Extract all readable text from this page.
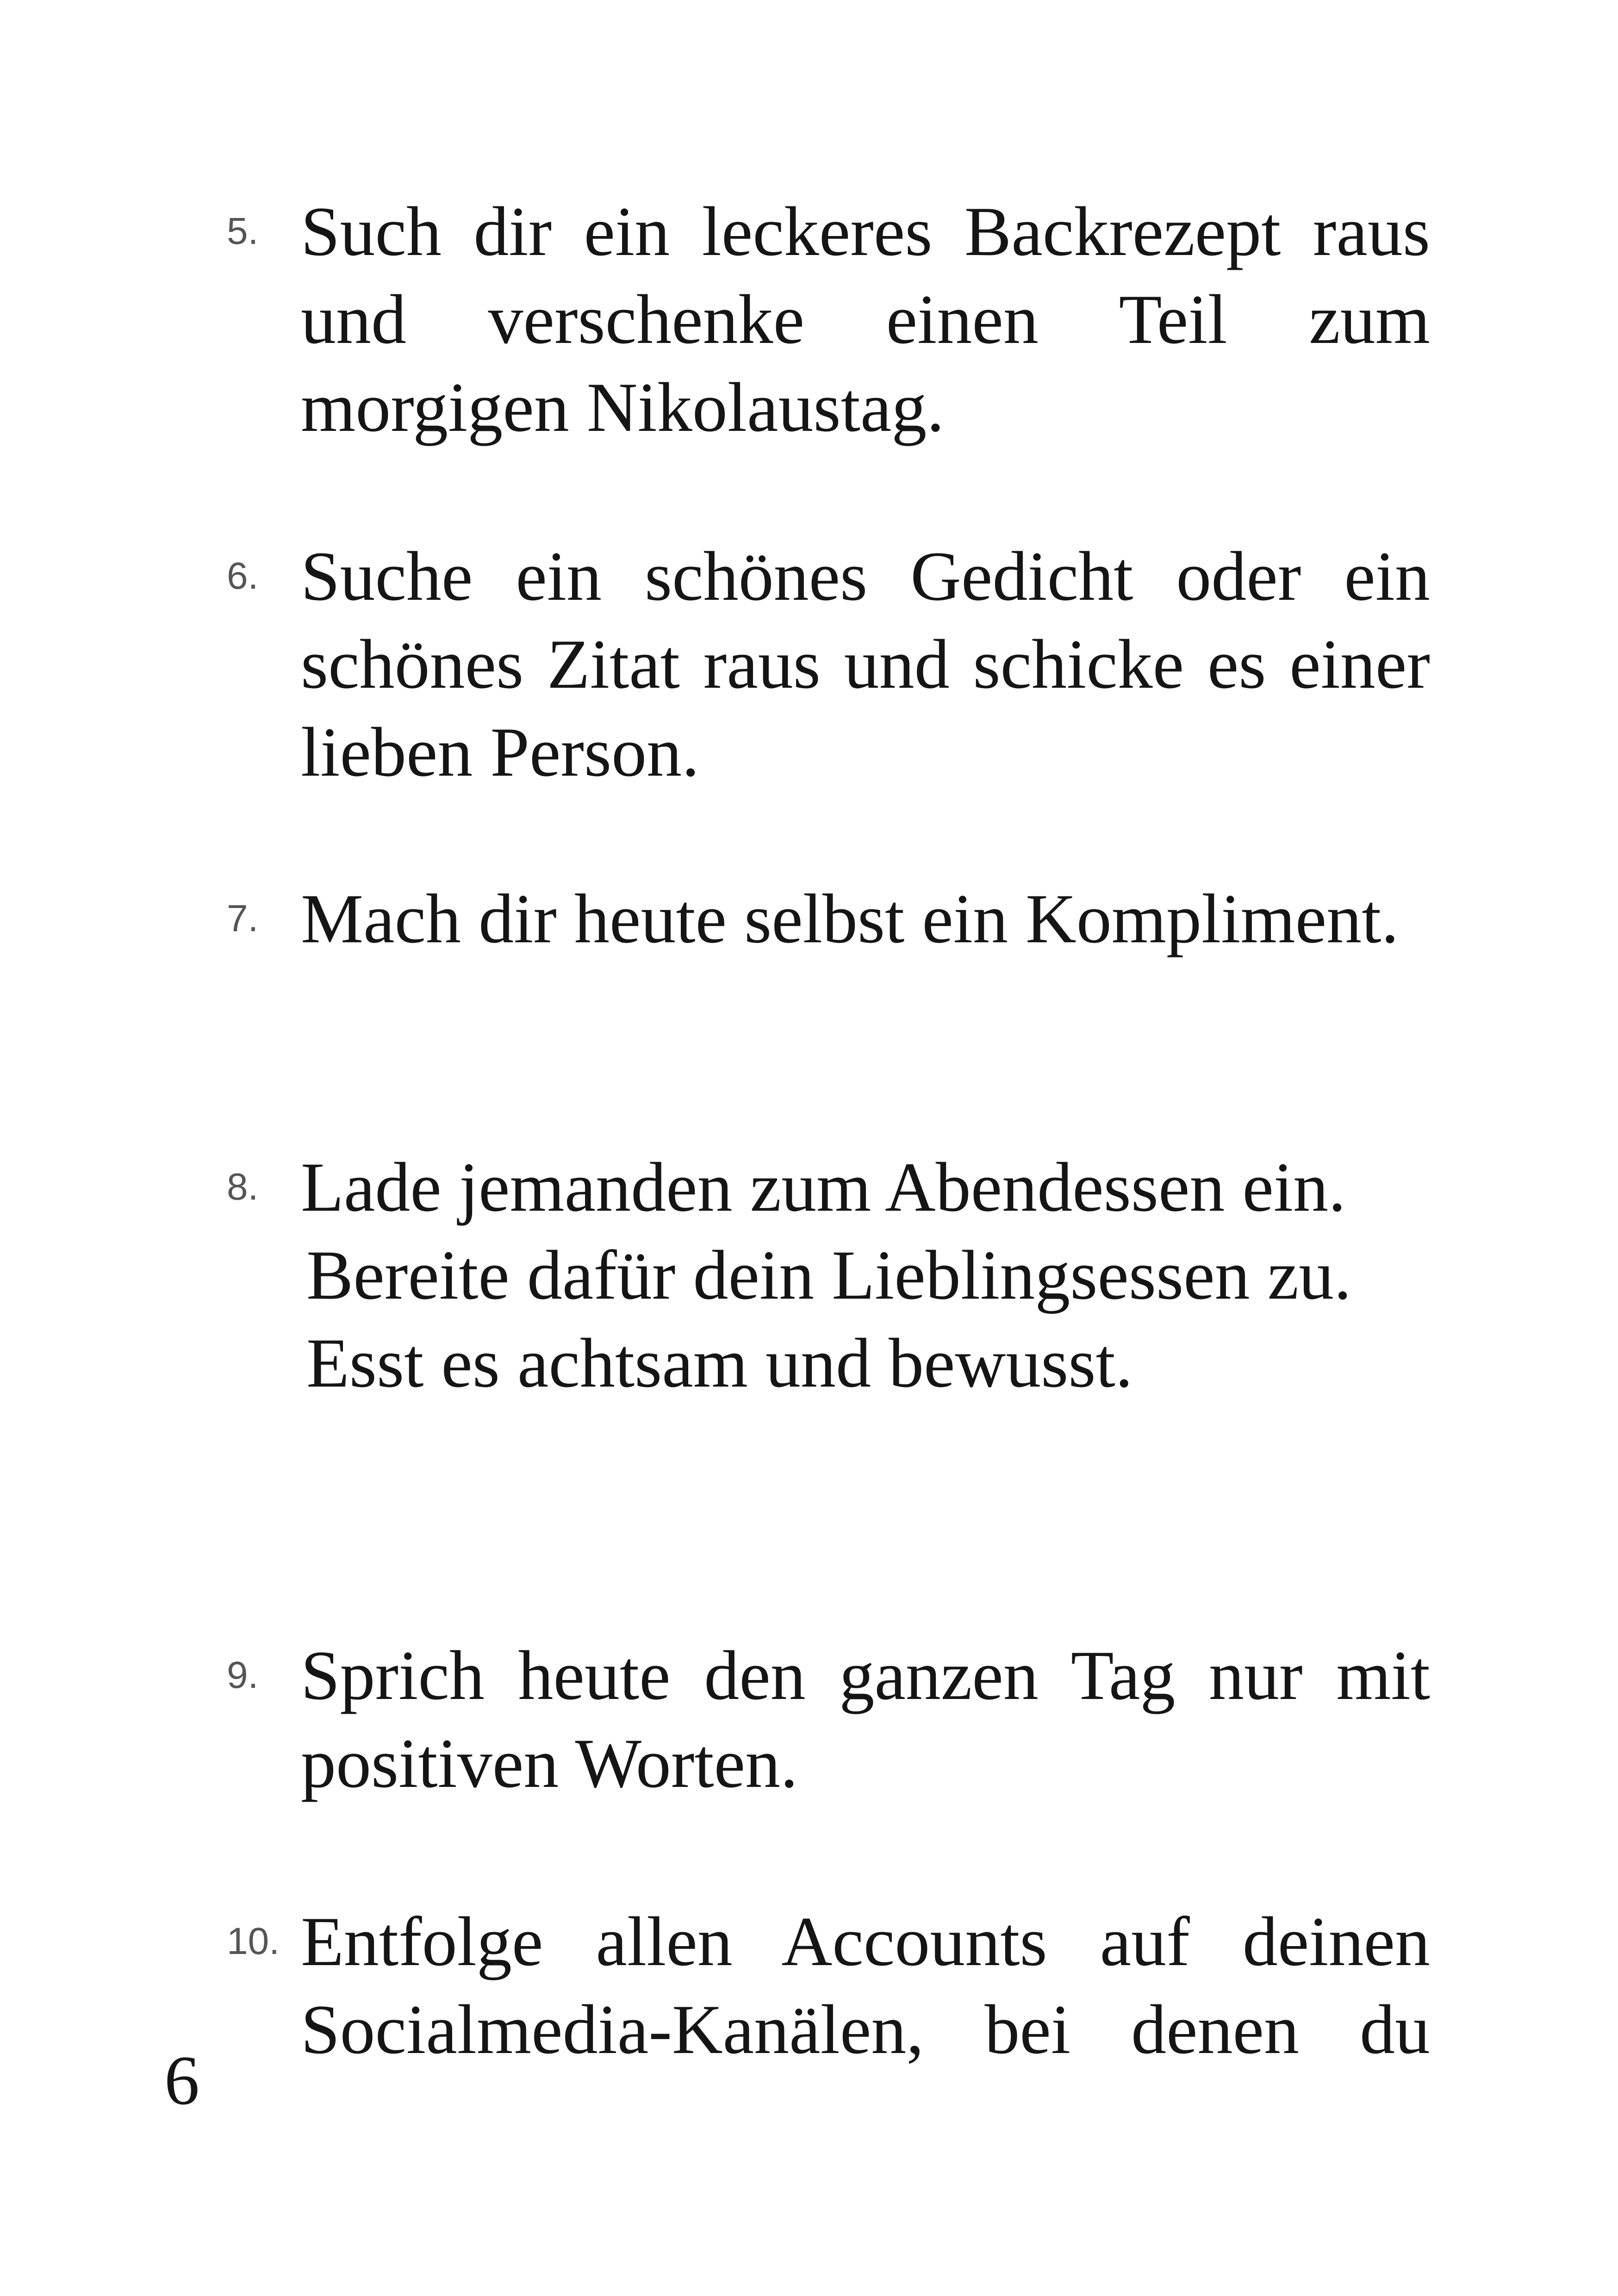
5. Such dir ein leckeres Backrezept raus und verschenke einen Teil zum morgigen Nikolaustag.
6. Suche ein schönes Gedicht oder ein schönes Zitat raus und schicke es einer lieben Person.
7. Mach dir heute selbst ein Kompliment.
8. Lade jemanden zum Abendessen ein.
Bereite dafür dein Lieblingsessen zu.
Esst es achtsam und bewusst.
9. Sprich heute den ganzen Tag nur mit positiven Worten.
10. Entfolge allen Accounts auf deinen Socialmedia-Kanälen, bei denen du
6
